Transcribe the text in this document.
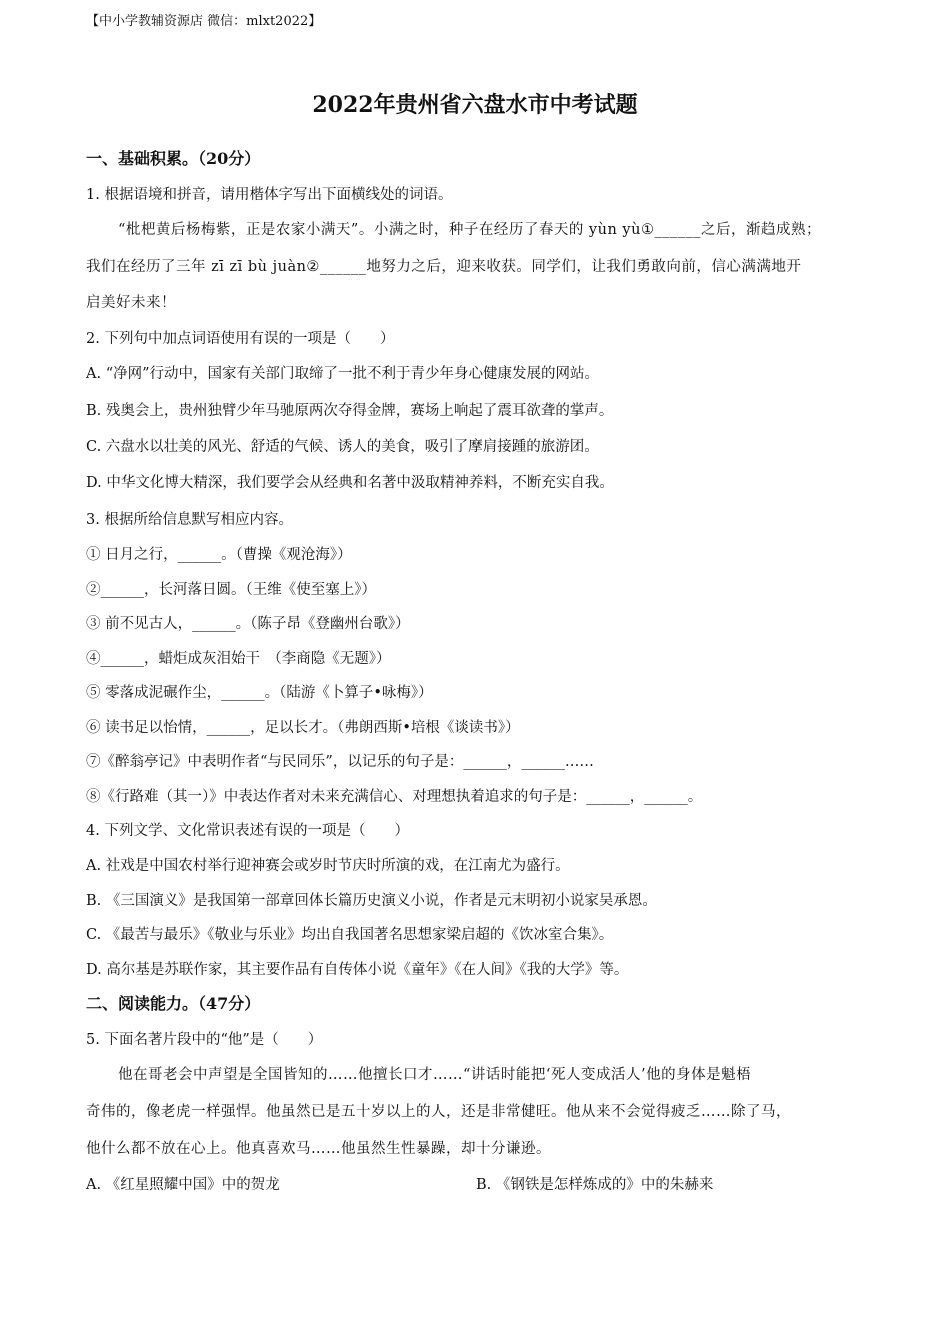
【中小学教辅资源店 微信：mlxt2022】
2022年贵州省六盘水市中考试题
一、基础积累。（20分）
1. 根据语境和拼音，请用楷体字写出下面横线处的词语。
“枇杷黄后杨梅紫，正是农家小满天”。小满之时，种子在经历了春天的 yùn yù①______之后，渐趋成熟；
我们在经历了三年 zī zī bù juàn②______地努力之后，迎来收获。同学们，让我们勇敢向前，信心满满地开
启美好未来！
2. 下列句中加点词语使用有误的一项是（　　）
A. “净网”行动中，国家有关部门取缔了一批不利于青少年身心健康发展的网站。
B. 残奥会上，贵州独臂少年马驰原两次夺得金牌，赛场上响起了震耳欲聋的掌声。
C. 六盘水以壮美的风光、舒适的气候、诱人的美食，吸引了摩肩接踵的旅游团。
D. 中华文化博大精深，我们要学会从经典和名著中汲取精神养料，不断充实自我。
3. 根据所给信息默写相应内容。
① 日月之行，______。（曹操《观沧海》）
②______，长河落日圆。（王维《使至塞上》）
③ 前不见古人，______。（陈子昂《登幽州台歌》）
④______，蜡炬成灰泪始干　（李商隐《无题》）
⑤ 零落成泥碾作尘，______。（陆游《卜算子•咏梅》）
⑥ 读书足以怡情，______，足以长才。（弗朗西斯•培根《谈读书》）
⑦《醉翁亭记》中表明作者“与民同乐”，以记乐的句子是：______，______……
⑧《行路难（其一）》中表达作者对未来充满信心、对理想执着追求的句子是：______，______。
4. 下列文学、文化常识表述有误的一项是（　　）
A. 社戏是中国农村举行迎神赛会或岁时节庆时所演的戏，在江南尤为盛行。
B. 《三国演义》是我国第一部章回体长篇历史演义小说，作者是元末明初小说家吴承恩。
C. 《最苦与最乐》《敬业与乐业》均出自我国著名思想家梁启超的《饮冰室合集》。
D. 高尔基是苏联作家，其主要作品有自传体小说《童年》《在人间》《我的大学》等。
二、阅读能力。（47分）
5. 下面名著片段中的“他”是（　　）
他在哥老会中声望是全国皆知的……他擅长口才……“讲话时能把‘死人变成活人’他的身体是魁梧
奇伟的，像老虎一样强悍。他虽然已是五十岁以上的人，还是非常健旺。他从来不会觉得疲乏……除了马，
他什么都不放在心上。他真喜欢马……他虽然生性暴躁，却十分谦逊。
A. 《红星照耀中国》中的贺龙	B. 《钢铁是怎样炼成的》中的朱赫来
